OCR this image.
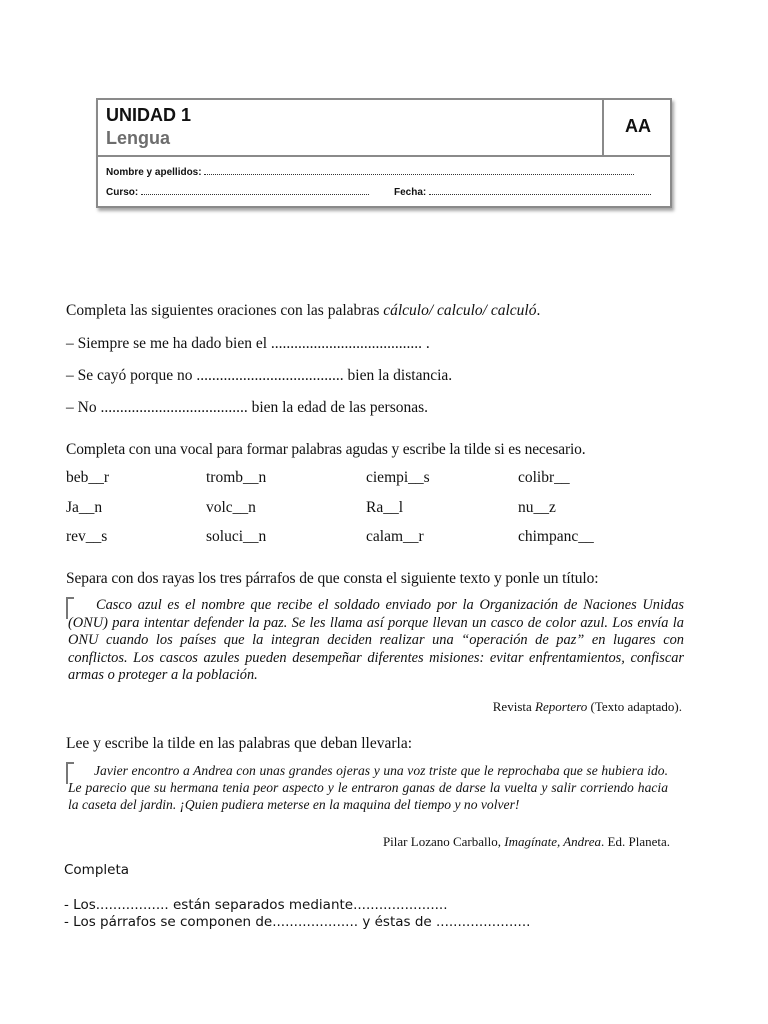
UNIDAD 1
Lengua
AA
Nombre y apellidos:
Curso:	Fecha:
Completa las siguientes oraciones con las palabras cálculo/ calculo/ calculó.
– Siempre se me ha dado bien el ....................................... .
– Se cayó porque no ...................................... bien la distancia.
– No ...................................... bien la edad de las personas.
Completa con una vocal para formar palabras agudas y escribe la tilde si es necesario.
beb__r	tromb__n	ciempi__s	colibr__
Ja__n	volc__n	Ra__l	nu__z
rev__s	soluci__n	calam__r	chimpanc__
Separa con dos rayas los tres párrafos de que consta el siguiente texto y ponle un título:
Casco azul es el nombre que recibe el soldado enviado por la Organización de Naciones Unidas (ONU) para intentar defender la paz. Se les llama así porque llevan un casco de color azul. Los envía la ONU cuando los países que la integran deciden realizar una “operación de paz” en lugares con conflictos. Los cascos azules pueden desempeñar diferentes misiones: evitar enfrentamientos, confiscar armas o proteger a la población.
Revista Reportero (Texto adaptado).
Lee y escribe la tilde en las palabras que deban llevarla:
Javier encontro a Andrea con unas grandes ojeras y una voz triste que le reprochaba que se hubiera ido. Le parecio que su hermana tenia peor aspecto y le entraron ganas de darse la vuelta y salir corriendo hacia la caseta del jardin. ¡Quien pudiera meterse en la maquina del tiempo y no volver!
Pilar Lozano Carballo, Imagínate, Andrea. Ed. Planeta.
Completa
- Los................. están separados mediante......................
- Los párrafos se componen de.................... y éstas de ......................
